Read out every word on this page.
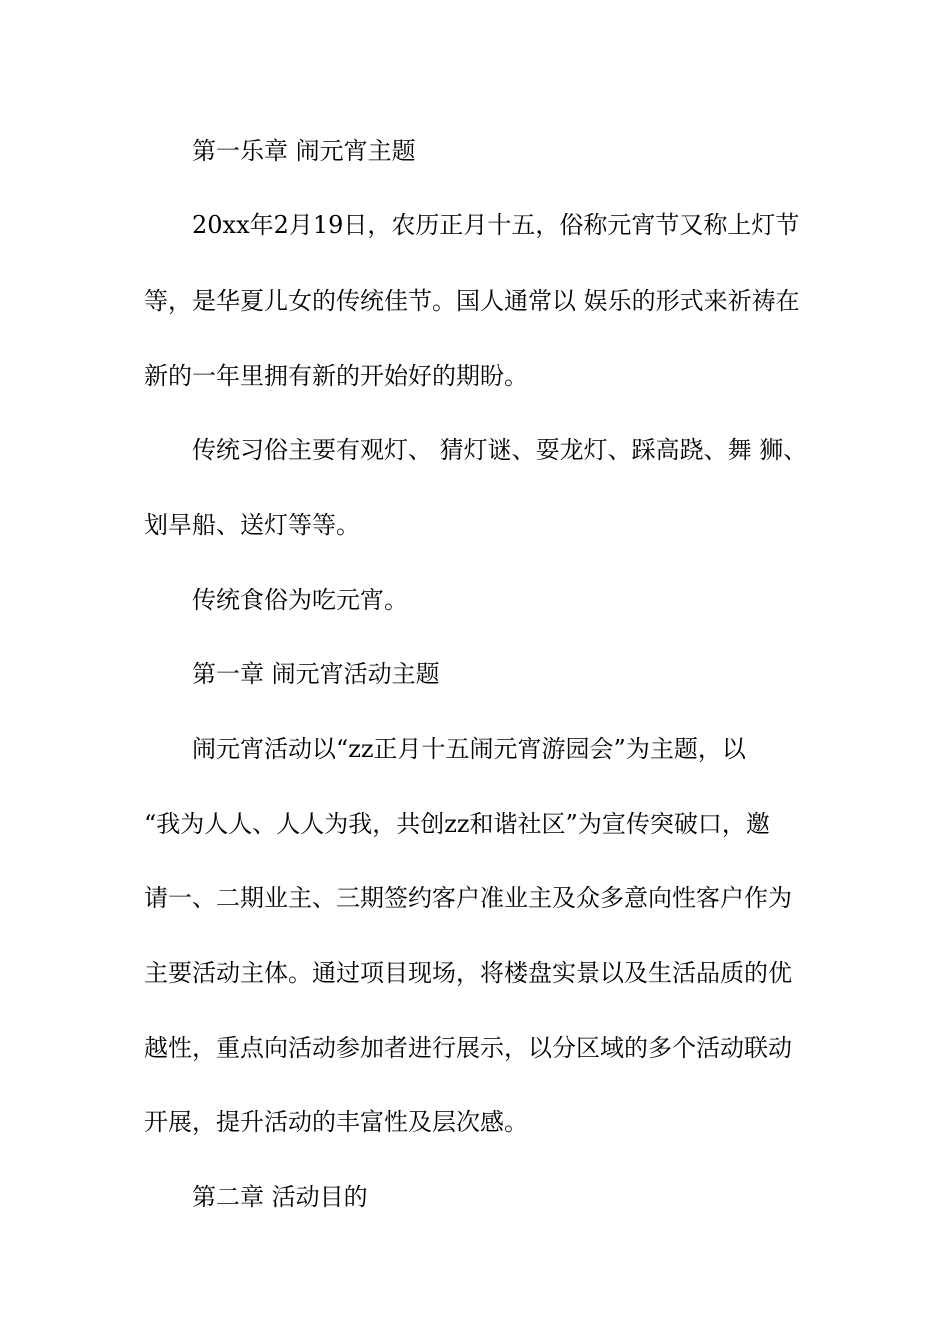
第一乐章 闹元宵主题
20xx年2月19日，农历正月十五，俗称元宵节又称上灯节
等，是华夏儿女的传统佳节。国人通常以 娱乐的形式来祈祷在
新的一年里拥有新的开始好的期盼。
传统习俗主要有观灯、 猜灯谜、耍龙灯、踩高跷、舞 狮、
划旱船、送灯等等。
传统食俗为吃元宵。
第一章 闹元宵活动主题
闹元宵活动以“zz正月十五闹元宵游园会”为主题，以
“我为人人、人人为我，共创zz和谐社区”为宣传突破口，邀
请一、二期业主、三期签约客户准业主及众多意向性客户作为
主要活动主体。通过项目现场，将楼盘实景以及生活品质的优
越性，重点向活动参加者进行展示，以分区域的多个活动联动
开展，提升活动的丰富性及层次感。
第二章 活动目的
